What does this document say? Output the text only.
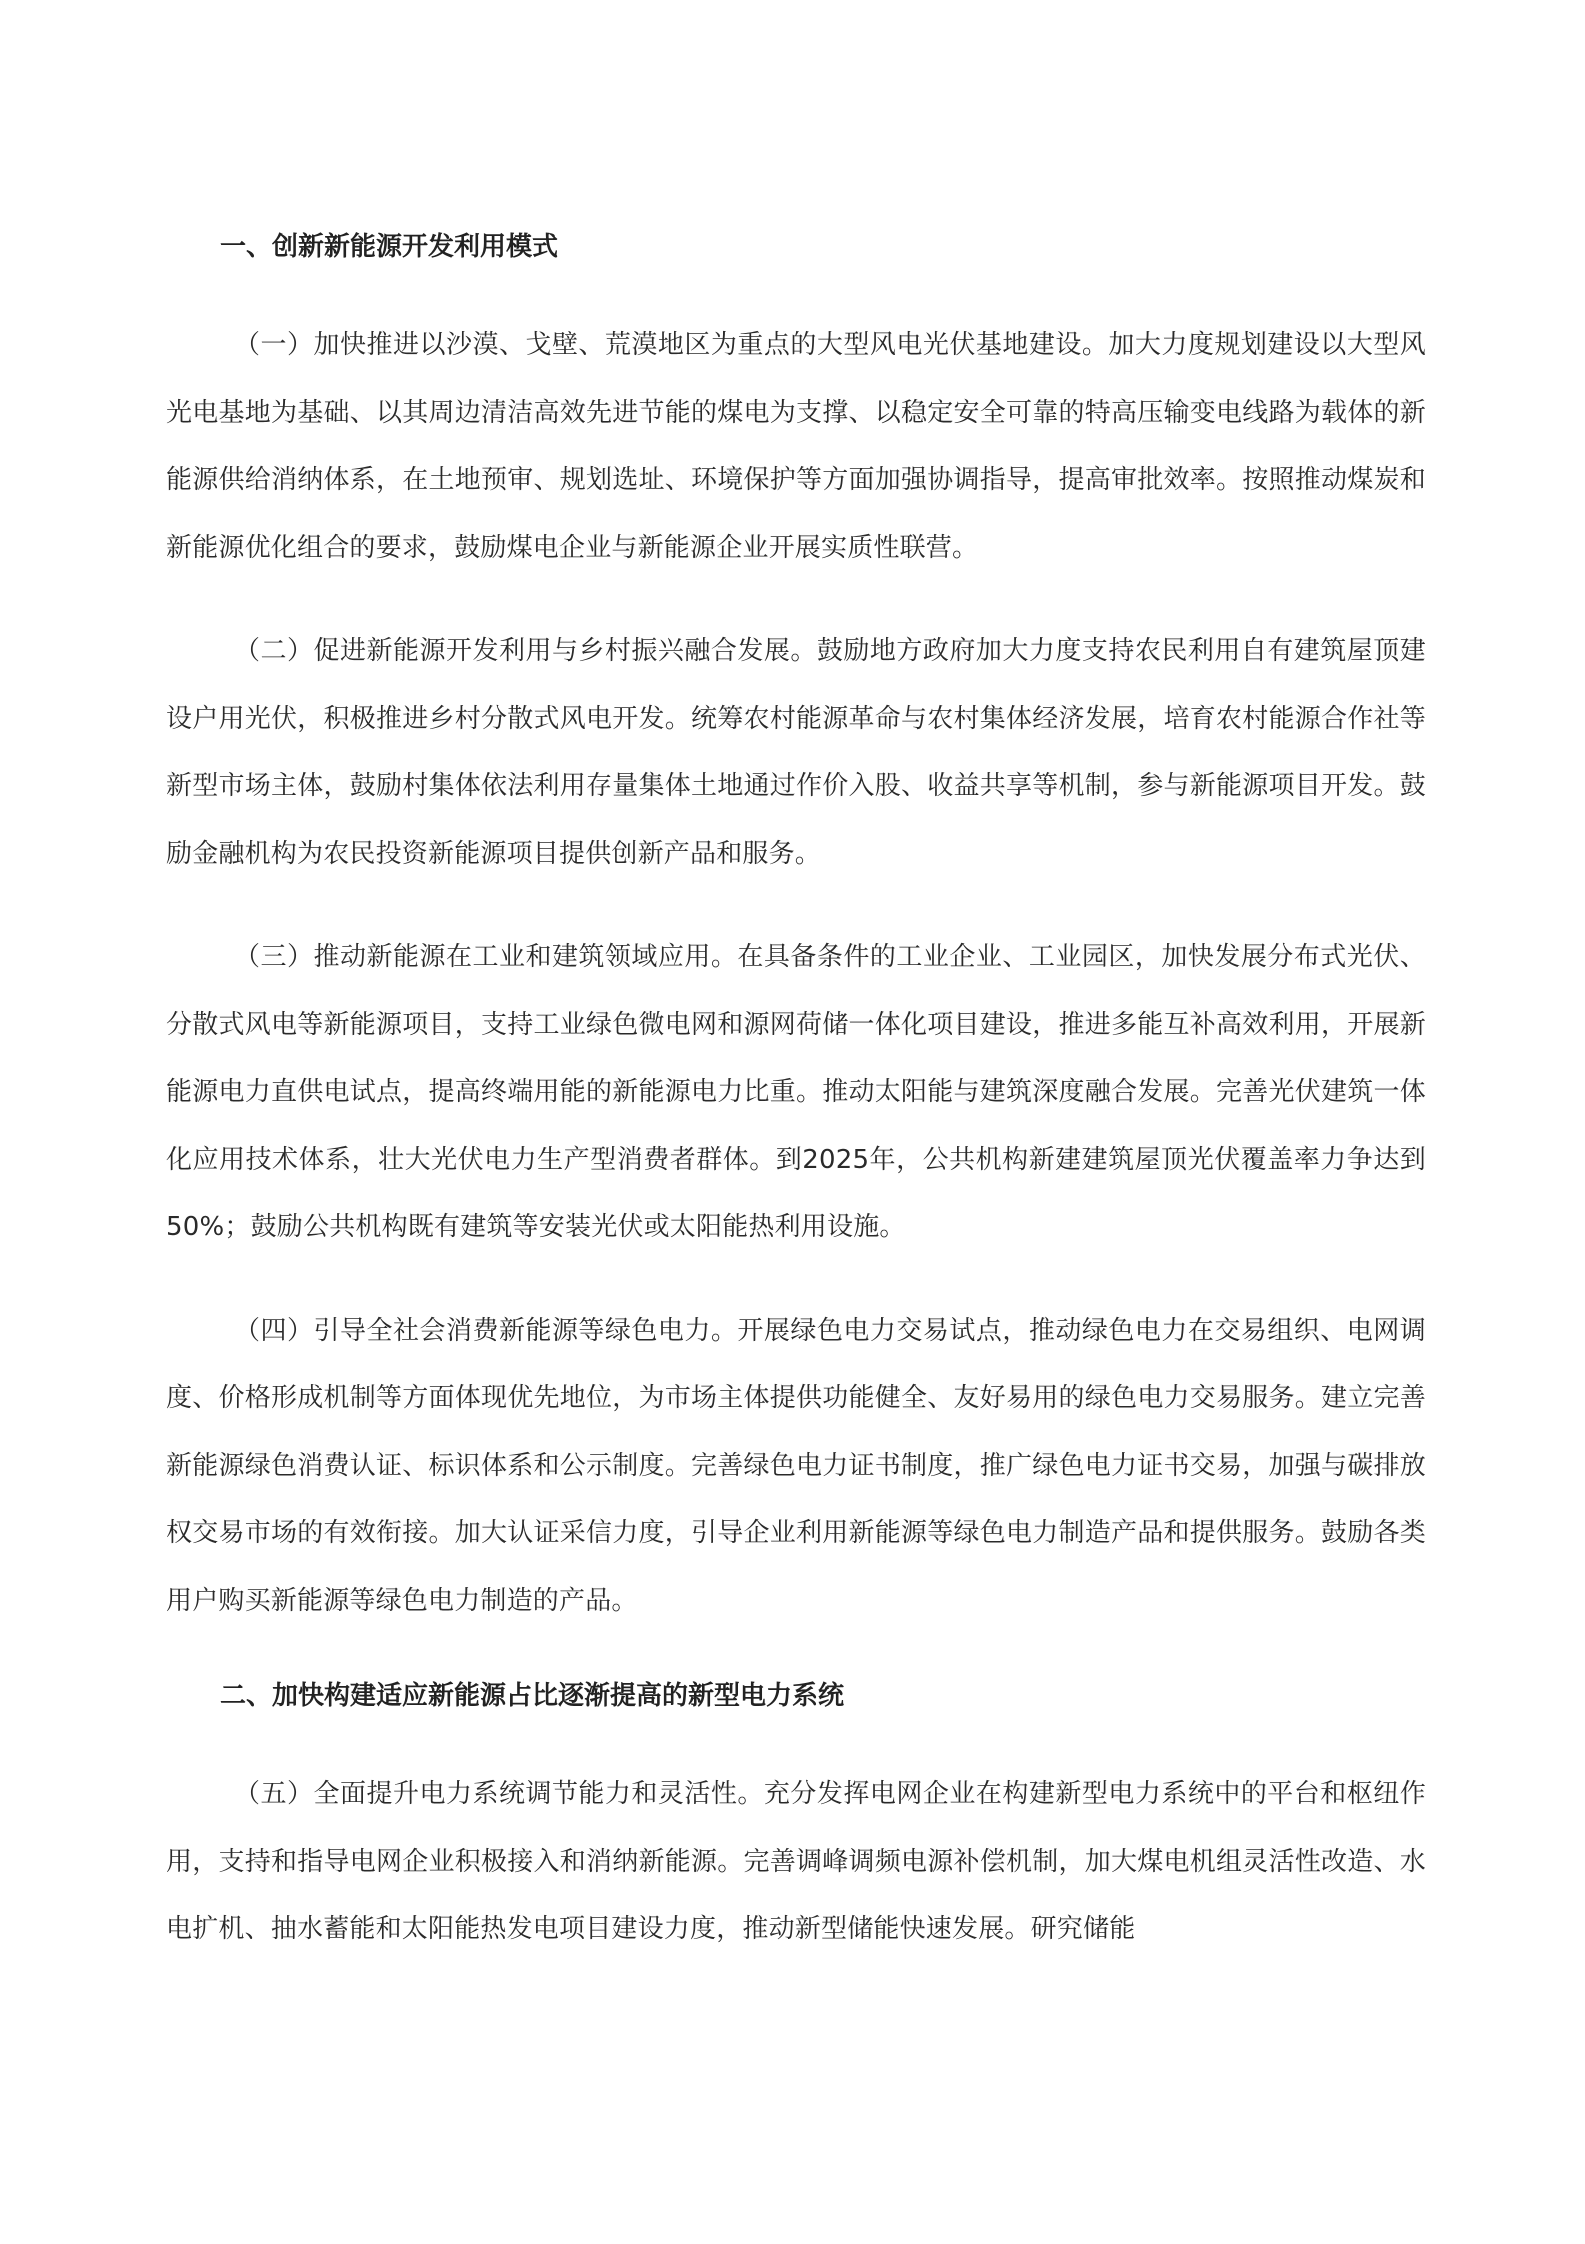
一、创新新能源开发利用模式

（一）加快推进以沙漠、戈壁、荒漠地区为重点的大型风电光伏基地建设。加大力度规划建设以大型风光电基地为基础、以其周边清洁高效先进节能的煤电为支撑、以稳定安全可靠的特高压输变电线路为载体的新能源供给消纳体系，在土地预审、规划选址、环境保护等方面加强协调指导，提高审批效率。按照推动煤炭和新能源优化组合的要求，鼓励煤电企业与新能源企业开展实质性联营。

（二）促进新能源开发利用与乡村振兴融合发展。鼓励地方政府加大力度支持农民利用自有建筑屋顶建设户用光伏，积极推进乡村分散式风电开发。统筹农村能源革命与农村集体经济发展，培育农村能源合作社等新型市场主体，鼓励村集体依法利用存量集体土地通过作价入股、收益共享等机制，参与新能源项目开发。鼓励金融机构为农民投资新能源项目提供创新产品和服务。

（三）推动新能源在工业和建筑领域应用。在具备条件的工业企业、工业园区，加快发展分布式光伏、分散式风电等新能源项目，支持工业绿色微电网和源网荷储一体化项目建设，推进多能互补高效利用，开展新能源电力直供电试点，提高终端用能的新能源电力比重。推动太阳能与建筑深度融合发展。完善光伏建筑一体化应用技术体系，壮大光伏电力生产型消费者群体。到2025年，公共机构新建建筑屋顶光伏覆盖率力争达到50%；鼓励公共机构既有建筑等安装光伏或太阳能热利用设施。

（四）引导全社会消费新能源等绿色电力。开展绿色电力交易试点，推动绿色电力在交易组织、电网调度、价格形成机制等方面体现优先地位，为市场主体提供功能健全、友好易用的绿色电力交易服务。建立完善新能源绿色消费认证、标识体系和公示制度。完善绿色电力证书制度，推广绿色电力证书交易，加强与碳排放权交易市场的有效衔接。加大认证采信力度，引导企业利用新能源等绿色电力制造产品和提供服务。鼓励各类用户购买新能源等绿色电力制造的产品。

二、加快构建适应新能源占比逐渐提高的新型电力系统

（五）全面提升电力系统调节能力和灵活性。充分发挥电网企业在构建新型电力系统中的平台和枢纽作用，支持和指导电网企业积极接入和消纳新能源。完善调峰调频电源补偿机制，加大煤电机组灵活性改造、水电扩机、抽水蓄能和太阳能热发电项目建设力度，推动新型储能快速发展。研究储能
